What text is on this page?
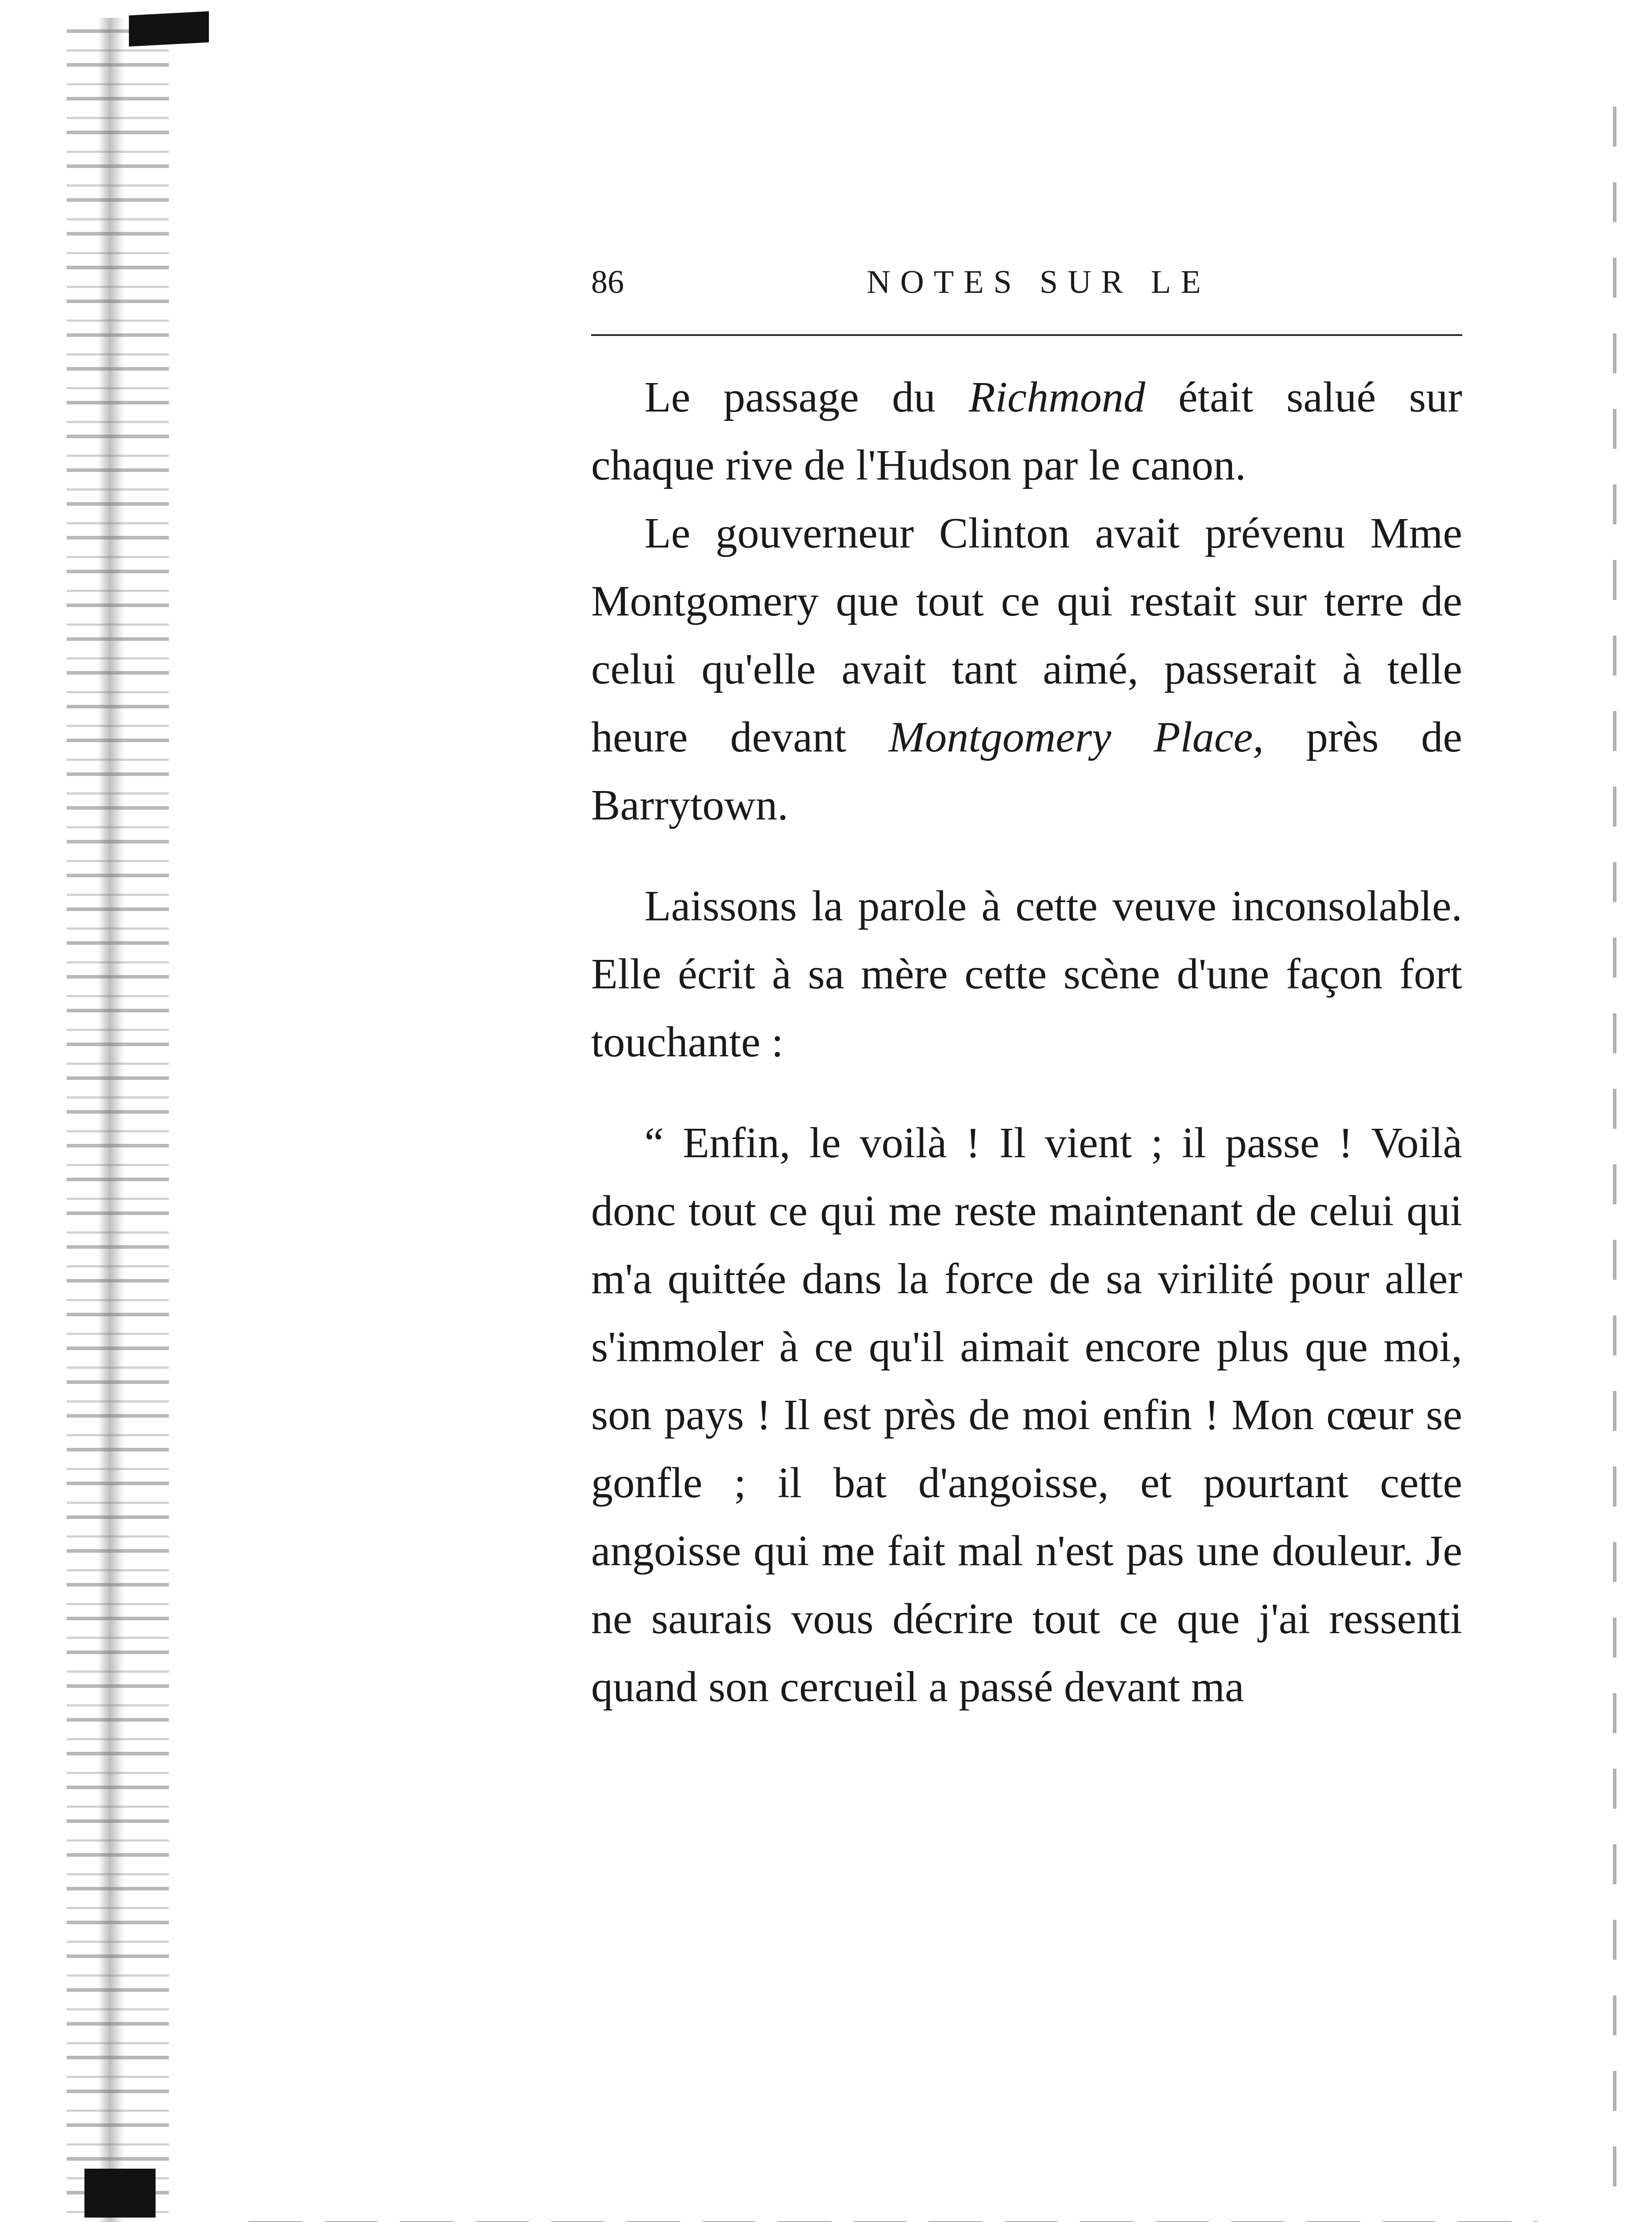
86	NOTES SUR LE

Le passage du Richmond était salué sur chaque rive de l'Hudson par le canon.

Le gouverneur Clinton avait prévenu Mme Montgomery que tout ce qui restait sur terre de celui qu'elle avait tant aimé, passerait à telle heure devant Montgomery Place, près de Barrytown.

Laissons la parole à cette veuve inconsolable. Elle écrit à sa mère cette scène d'une façon fort touchante :

“ Enfin, le voilà ! Il vient ; il passe ! Voilà donc tout ce qui me reste maintenant de celui qui m'a quittée dans la force de sa virilité pour aller s'immoler à ce qu'il aimait encore plus que moi, son pays ! Il est près de moi enfin ! Mon cœur se gonfle ; il bat d'angoisse, et pourtant cette angoisse qui me fait mal n'est pas une douleur. Je ne saurais vous décrire tout ce que j'ai ressenti quand son cercueil a passé devant ma
